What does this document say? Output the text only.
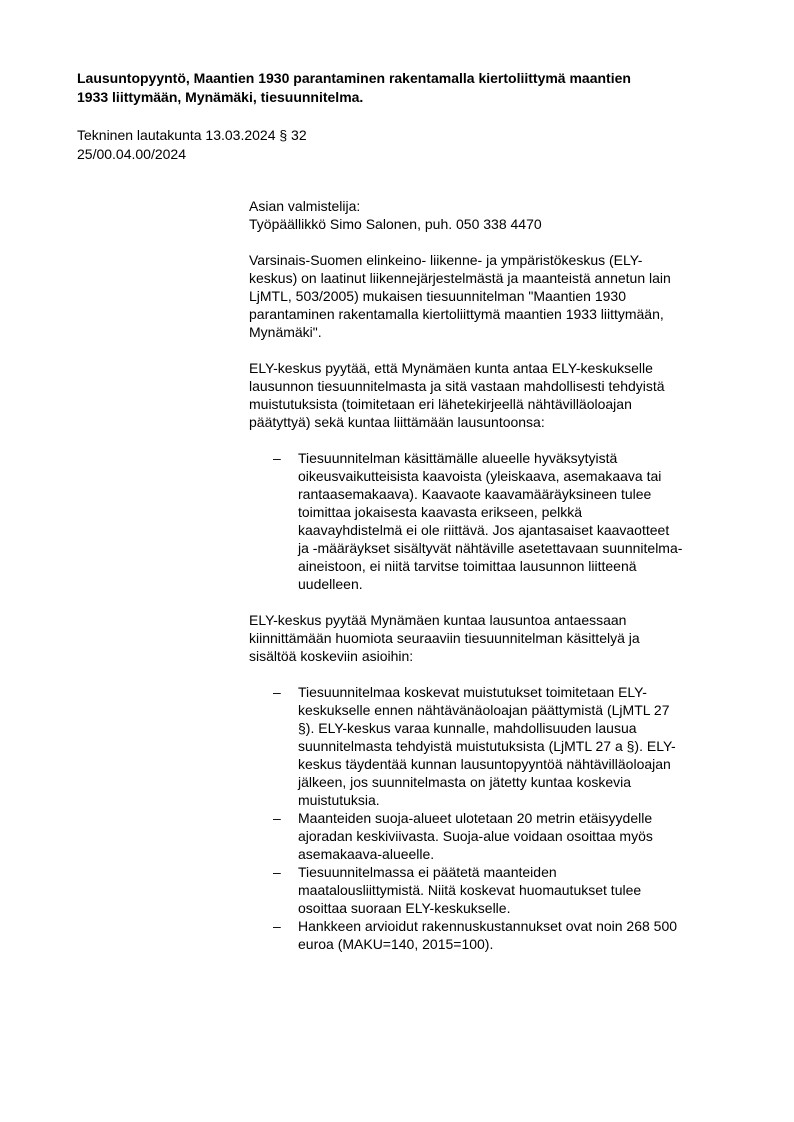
Lausuntopyyntö, Maantien 1930 parantaminen rakentamalla kiertoliittymä maantien
1933 liittymään, Mynämäki, tiesuunnitelma.
Tekninen lautakunta 13.03.2024 § 32
25/00.04.00/2024
Asian valmistelija:
Työpäällikkö Simo Salonen, puh. 050 338 4470
Varsinais-Suomen elinkeino- liikenne- ja ympäristökeskus (ELY-
keskus) on laatinut liikennejärjestelmästä ja maanteistä annetun lain
LjMTL, 503/2005) mukaisen tiesuunnitelman "Maantien 1930
parantaminen rakentamalla kiertoliittymä maantien 1933 liittymään,
Mynämäki".
ELY-keskus pyytää, että Mynämäen kunta antaa ELY-keskukselle
lausunnon tiesuunnitelmasta ja sitä vastaan mahdollisesti tehdyistä
muistutuksista (toimitetaan eri lähetekirjeellä nähtävilläoloajan
päätyttyä) sekä kuntaa liittämään lausuntoonsa:
– Tiesuunnitelman käsittämälle alueelle hyväksytyistä
oikeusvaikutteisista kaavoista (yleiskaava, asemakaava tai
rantaasemakaava). Kaavaote kaavamääräyksineen tulee
toimittaa jokaisesta kaavasta erikseen, pelkkä
kaavayhdistelmä ei ole riittävä. Jos ajantasaiset kaavaotteet
ja -määräykset sisältyvät nähtäville asetettavaan suunnitelma-
aineistoon, ei niitä tarvitse toimittaa lausunnon liitteenä
uudelleen.
ELY-keskus pyytää Mynämäen kuntaa lausuntoa antaessaan
kiinnittämään huomiota seuraaviin tiesuunnitelman käsittelyä ja
sisältöä koskeviin asioihin:
– Tiesuunnitelmaa koskevat muistutukset toimitetaan ELY-
keskukselle ennen nähtävänäoloajan päättymistä (LjMTL 27
§). ELY-keskus varaa kunnalle, mahdollisuuden lausua
suunnitelmasta tehdyistä muistutuksista (LjMTL 27 a §). ELY-
keskus täydentää kunnan lausuntopyyntöä nähtävilläoloajan
jälkeen, jos suunnitelmasta on jätetty kuntaa koskevia
muistutuksia.
– Maanteiden suoja-alueet ulotetaan 20 metrin etäisyydelle
ajoradan keskiviivasta. Suoja-alue voidaan osoittaa myös
asemakaava-alueelle.
– Tiesuunnitelmassa ei päätetä maanteiden
maatalousliittymistä. Niitä koskevat huomautukset tulee
osoittaa suoraan ELY-keskukselle.
– Hankkeen arvioidut rakennuskustannukset ovat noin 268 500
euroa (MAKU=140, 2015=100).
